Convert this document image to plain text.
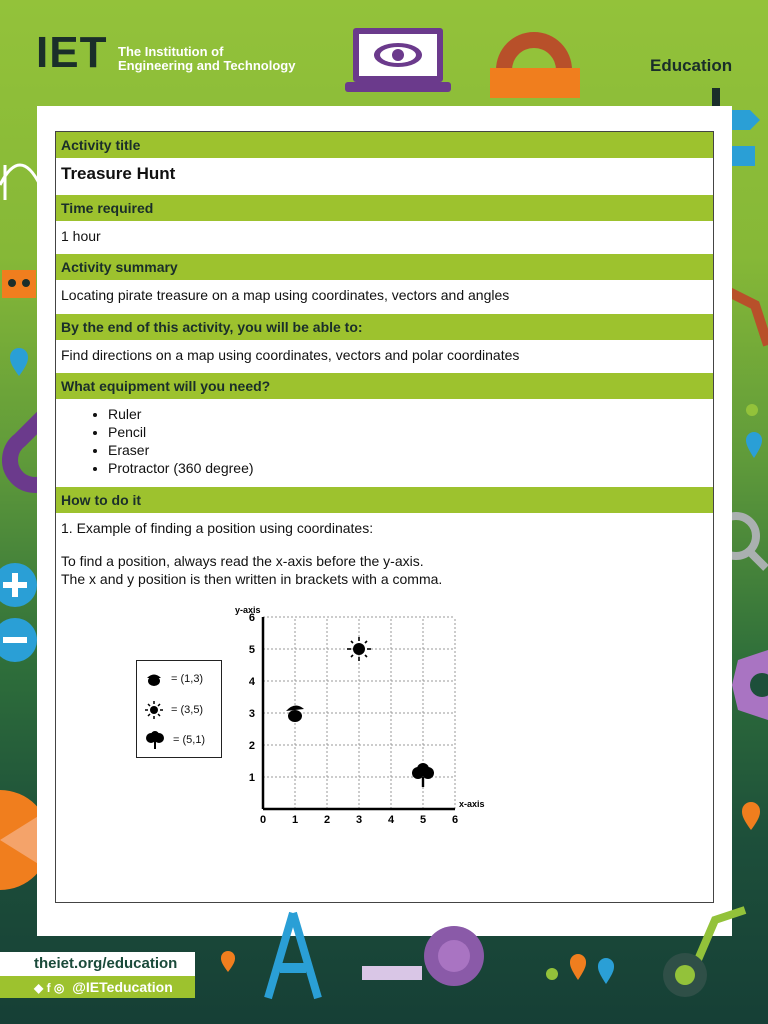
IET The Institution of
Engineering and Technology	Education
Activity title
Treasure Hunt
Time required
1 hour
Activity summary
Locating pirate treasure on a map using coordinates, vectors and angles
By the end of this activity, you will be able to:
Find directions on a map using coordinates, vectors and polar coordinates
What equipment will you need?
• Ruler
• Pencil
• Eraser
• Protractor (360 degree)
How to do it
1. Example of finding a position using coordinates:
To find a position, always read the x-axis before the y-axis.
The x and y position is then written in brackets with a comma.
= (1,3)
= (3,5)
= (5,1)
0 1 2 3 4 5 6
1
2
3
4
5
6
x-axis
y-axis
theiet.org/education
◆ f ◎ @IETeducation
